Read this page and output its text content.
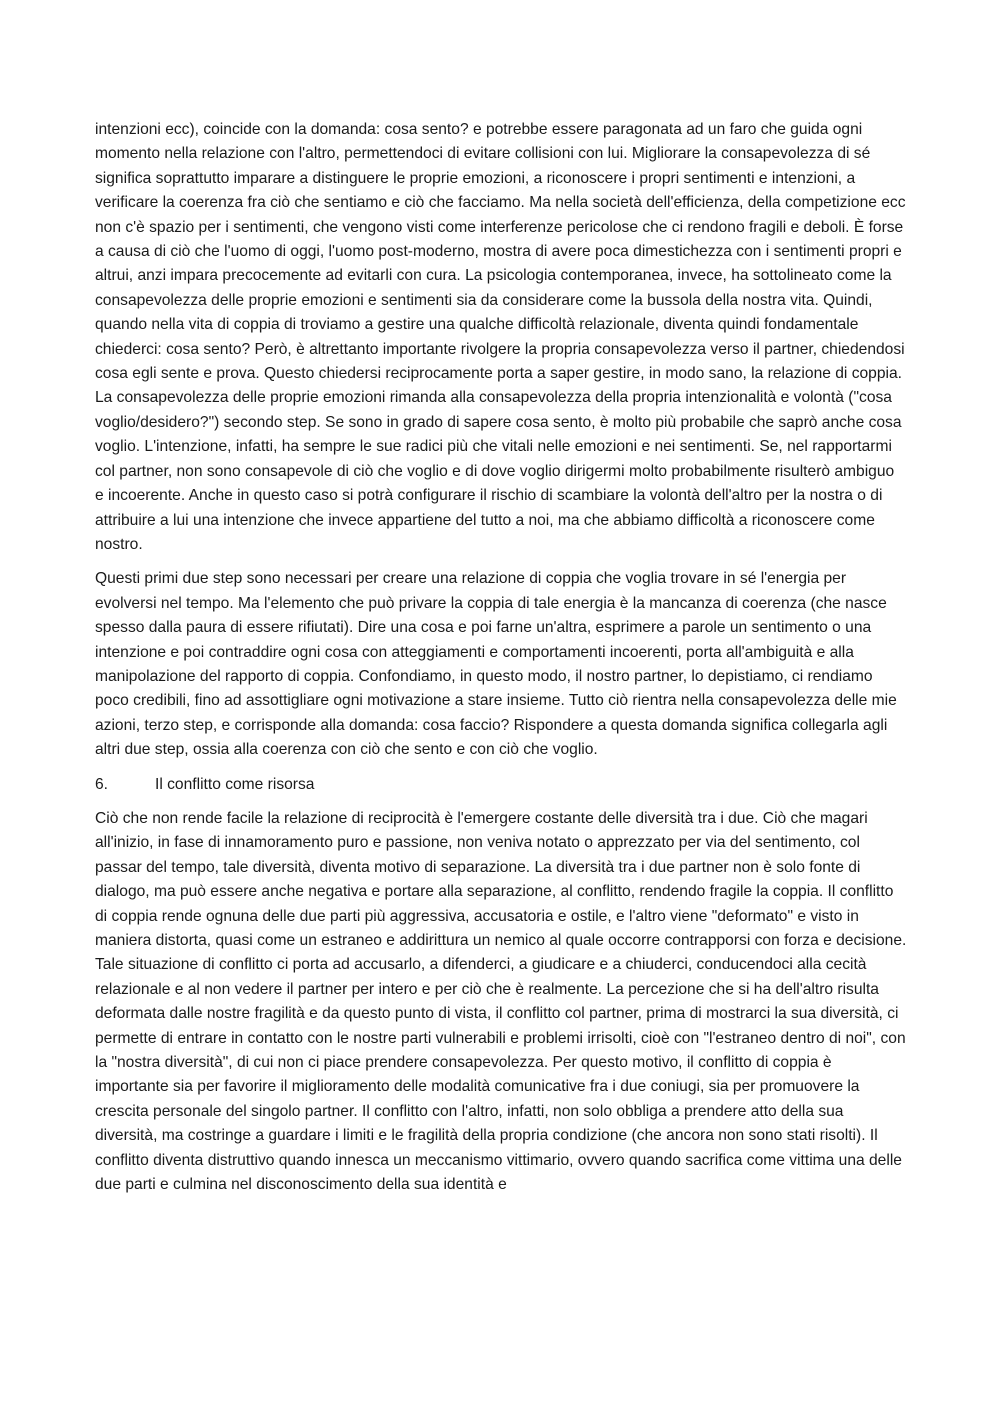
intenzioni ecc), coincide con la domanda: cosa sento? e potrebbe essere paragonata ad un faro che guida ogni momento nella relazione con l'altro, permettendoci di evitare collisioni con lui. Migliorare la consapevolezza di sé significa soprattutto imparare a distinguere le proprie emozioni, a riconoscere i propri sentimenti e intenzioni, a verificare la coerenza fra ciò che sentiamo e ciò che facciamo. Ma nella società dell'efficienza, della competizione ecc non c'è spazio per i sentimenti, che vengono visti come interferenze pericolose che ci rendono fragili e deboli. È forse a causa di ciò che l'uomo di oggi, l'uomo post-moderno, mostra di avere poca dimestichezza con i sentimenti propri e altrui, anzi impara precocemente ad evitarli con cura. La psicologia contemporanea, invece, ha sottolineato come la consapevolezza delle proprie emozioni e sentimenti sia da considerare come la bussola della nostra vita. Quindi, quando nella vita di coppia di troviamo a gestire una qualche difficoltà relazionale, diventa quindi fondamentale chiederci: cosa sento? Però, è altrettanto importante rivolgere la propria consapevolezza verso il partner, chiedendosi cosa egli sente e prova. Questo chiedersi reciprocamente porta a saper gestire, in modo sano, la relazione di coppia. La consapevolezza delle proprie emozioni rimanda alla consapevolezza della propria intenzionalità e volontà ("cosa voglio/desidero?") secondo step. Se sono in grado di sapere cosa sento, è molto più probabile che saprò anche cosa voglio. L'intenzione, infatti, ha sempre le sue radici più che vitali nelle emozioni e nei sentimenti. Se, nel rapportarmi col partner, non sono consapevole di ciò che voglio e di dove voglio dirigermi molto probabilmente risulterò ambiguo e incoerente. Anche in questo caso si potrà configurare il rischio di scambiare la volontà dell'altro per la nostra o di attribuire a lui una intenzione che invece appartiene del tutto a noi, ma che abbiamo difficoltà a riconoscere come nostro.

Questi primi due step sono necessari per creare una relazione di coppia che voglia trovare in sé l'energia per evolversi nel tempo. Ma l'elemento che può privare la coppia di tale energia è la mancanza di coerenza (che nasce spesso dalla paura di essere rifiutati). Dire una cosa e poi farne un'altra, esprimere a parole un sentimento o una intenzione e poi contraddire ogni cosa con atteggiamenti e comportamenti incoerenti, porta all'ambiguità e alla manipolazione del rapporto di coppia. Confondiamo, in questo modo, il nostro partner, lo depistiamo, ci rendiamo poco credibili, fino ad assottigliare ogni motivazione a stare insieme. Tutto ciò rientra nella consapevolezza delle mie azioni, terzo step, e corrisponde alla domanda: cosa faccio? Rispondere a questa domanda significa collegarla agli altri due step, ossia alla coerenza con ciò che sento e con ciò che voglio.

6.	Il conflitto come risorsa

Ciò che non rende facile la relazione di reciprocità è l'emergere costante delle diversità tra i due. Ciò che magari all'inizio, in fase di innamoramento puro e passione, non veniva notato o apprezzato per via del sentimento, col passar del tempo, tale diversità, diventa motivo di separazione. La diversità tra i due partner non è solo fonte di dialogo, ma può essere anche negativa e portare alla separazione, al conflitto, rendendo fragile la coppia. Il conflitto di coppia rende ognuna delle due parti più aggressiva, accusatoria e ostile, e l'altro viene "deformato" e visto in maniera distorta, quasi come un estraneo e addirittura un nemico al quale occorre contrapporsi con forza e decisione. Tale situazione di conflitto ci porta ad accusarlo, a difenderci, a giudicare e a chiuderci, conducendoci alla cecità relazionale e al non vedere il partner per intero e per ciò che è realmente. La percezione che si ha dell'altro risulta deformata dalle nostre fragilità e da questo punto di vista, il conflitto col partner, prima di mostrarci la sua diversità, ci permette di entrare in contatto con le nostre parti vulnerabili e problemi irrisolti, cioè con "l'estraneo dentro di noi", con la "nostra diversità", di cui non ci piace prendere consapevolezza. Per questo motivo, il conflitto di coppia è importante sia per favorire il miglioramento delle modalità comunicative fra i due coniugi, sia per promuovere la crescita personale del singolo partner. Il conflitto con l'altro, infatti, non solo obbliga a prendere atto della sua diversità, ma costringe a guardare i limiti e le fragilità della propria condizione (che ancora non sono stati risolti). Il conflitto diventa distruttivo quando innesca un meccanismo vittimario, ovvero quando sacrifica come vittima una delle due parti e culmina nel disconoscimento della sua identità e
